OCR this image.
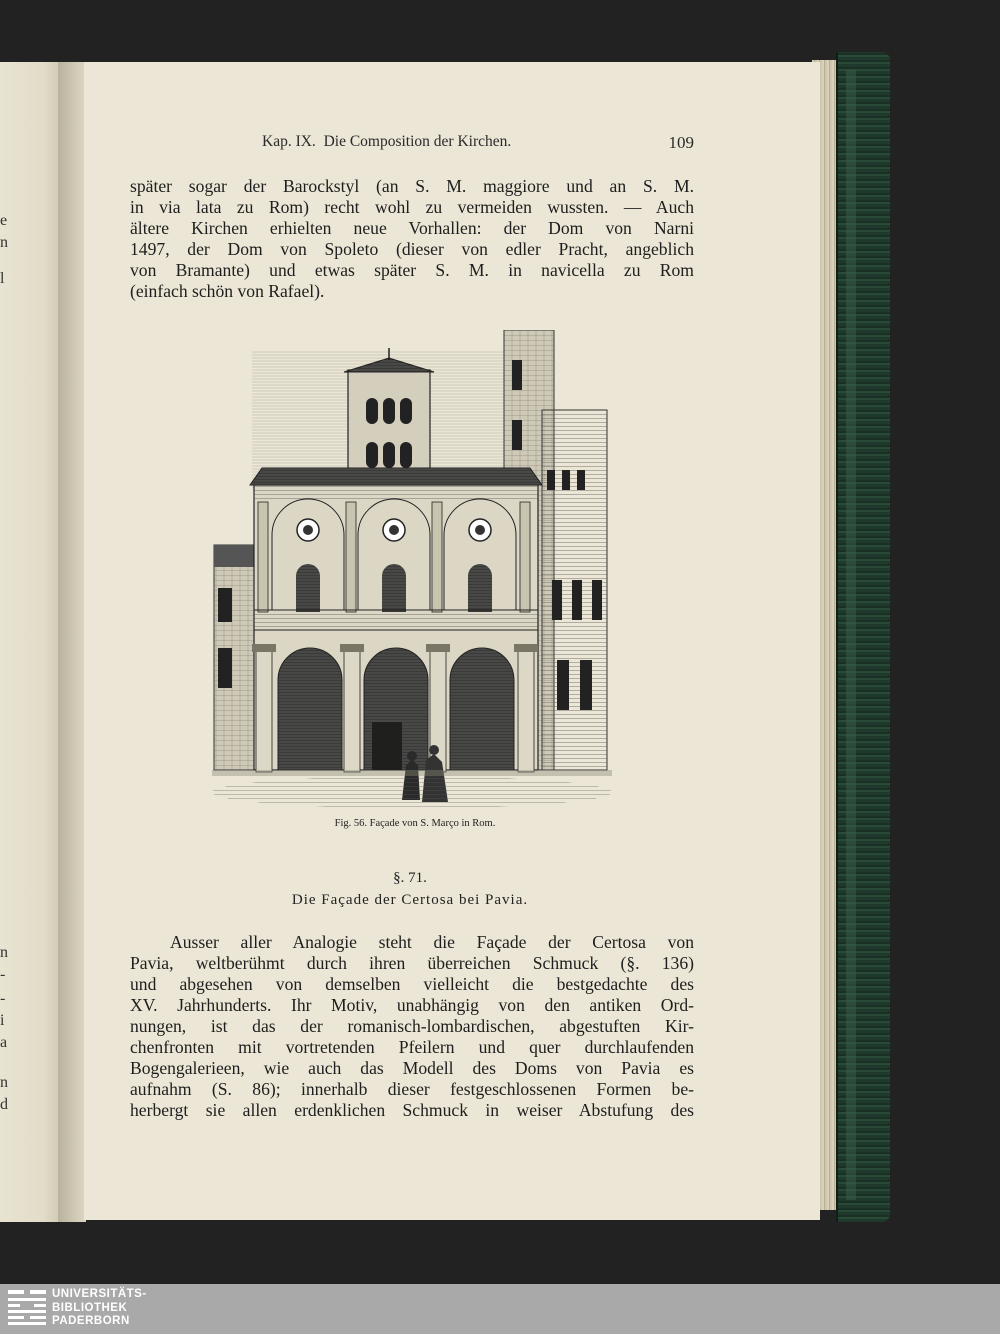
e
n
l
n
-
-
i
a
n
d
Kap. IX. Die Composition der Kirchen.	109
später sogar der Barockstyl (an S. M. maggiore und an S. M.
in via lata zu Rom) recht wohl zu vermeiden wussten. — Auch
ältere Kirchen erhielten neue Vorhallen: der Dom von Narni
1497, der Dom von Spoleto (dieser von edler Pracht, angeblich
von Bramante) und etwas später S. M. in navicella zu Rom
(einfach schön von Rafael).
Fig. 56. Façade von S. Março in Rom.
§. 71.
Die Façade der Certosa bei Pavia.
Ausser aller Analogie steht die Façade der Certosa von
Pavia, weltberühmt durch ihren überreichen Schmuck (§. 136)
und abgesehen von demselben vielleicht die bestgedachte des
XV. Jahrhunderts. Ihr Motiv, unabhängig von den antiken Ord-
nungen, ist das der romanisch-lombardischen, abgestuften Kir-
chenfronten mit vortretenden Pfeilern und quer durchlaufenden
Bogengalerieen, wie auch das Modell des Doms von Pavia es
aufnahm (S. 86); innerhalb dieser festgeschlossenen Formen be-
herbergt sie allen erdenklichen Schmuck in weiser Abstufung des
UNIVERSITÄTS-
BIBLIOTHEK
PADERBORN
